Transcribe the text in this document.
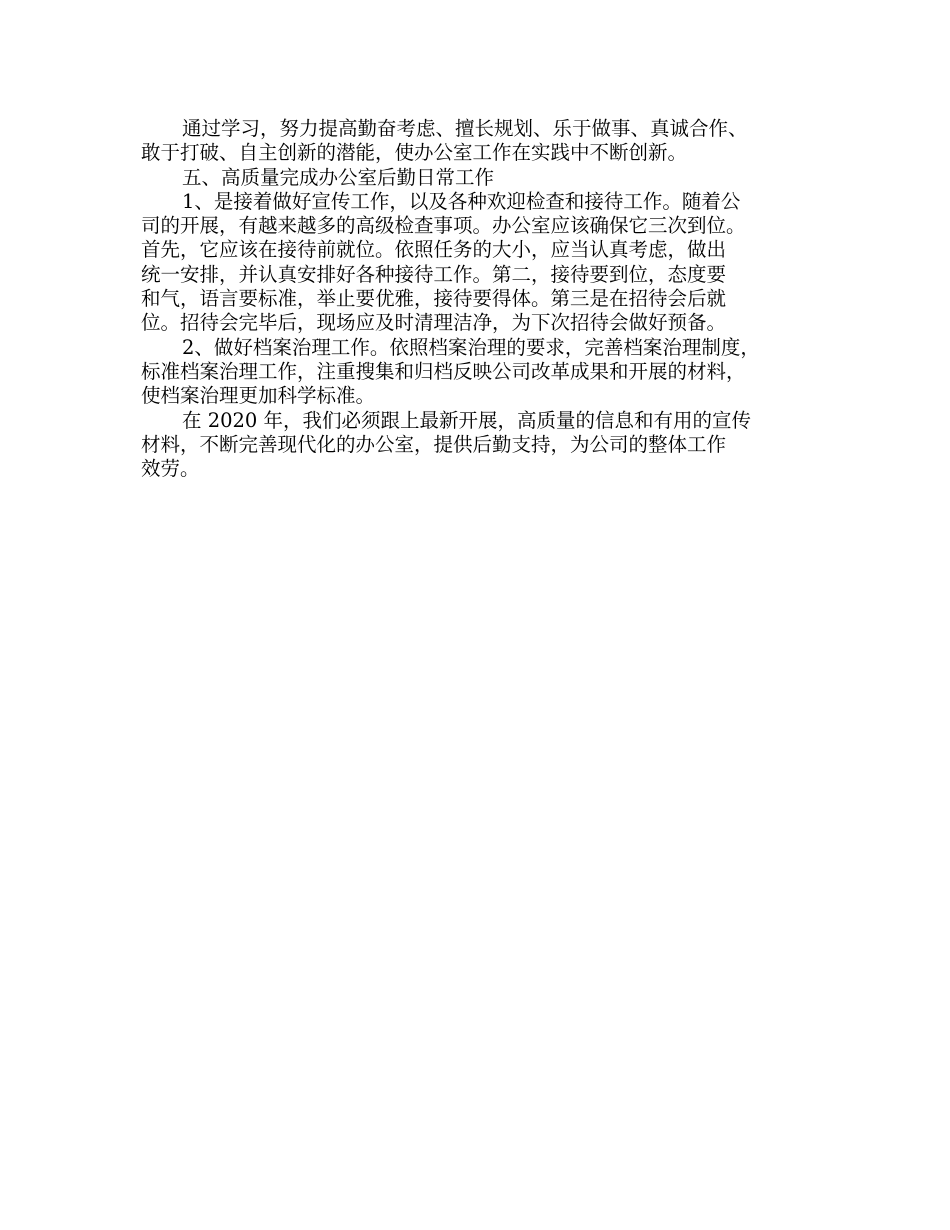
通过学习，努力提高勤奋考虑、擅长规划、乐于做事、真诚合作、
敢于打破、自主创新的潜能，使办公室工作在实践中不断创新。

五、高质量完成办公室后勤日常工作

1、是接着做好宣传工作，以及各种欢迎检查和接待工作。随着公
司的开展，有越来越多的高级检查事项。办公室应该确保它三次到位。
首先，它应该在接待前就位。依照任务的大小，应当认真考虑，做出
统一安排，并认真安排好各种接待工作。第二，接待要到位，态度要
和气，语言要标准，举止要优雅，接待要得体。第三是在招待会后就
位。招待会完毕后，现场应及时清理洁净，为下次招待会做好预备。

2、做好档案治理工作。依照档案治理的要求，完善档案治理制度，
标准档案治理工作，注重搜集和归档反映公司改革成果和开展的材料，
使档案治理更加科学标准。

在 2020 年，我们必须跟上最新开展，高质量的信息和有用的宣传
材料，不断完善现代化的办公室，提供后勤支持，为公司的整体工作
效劳。
